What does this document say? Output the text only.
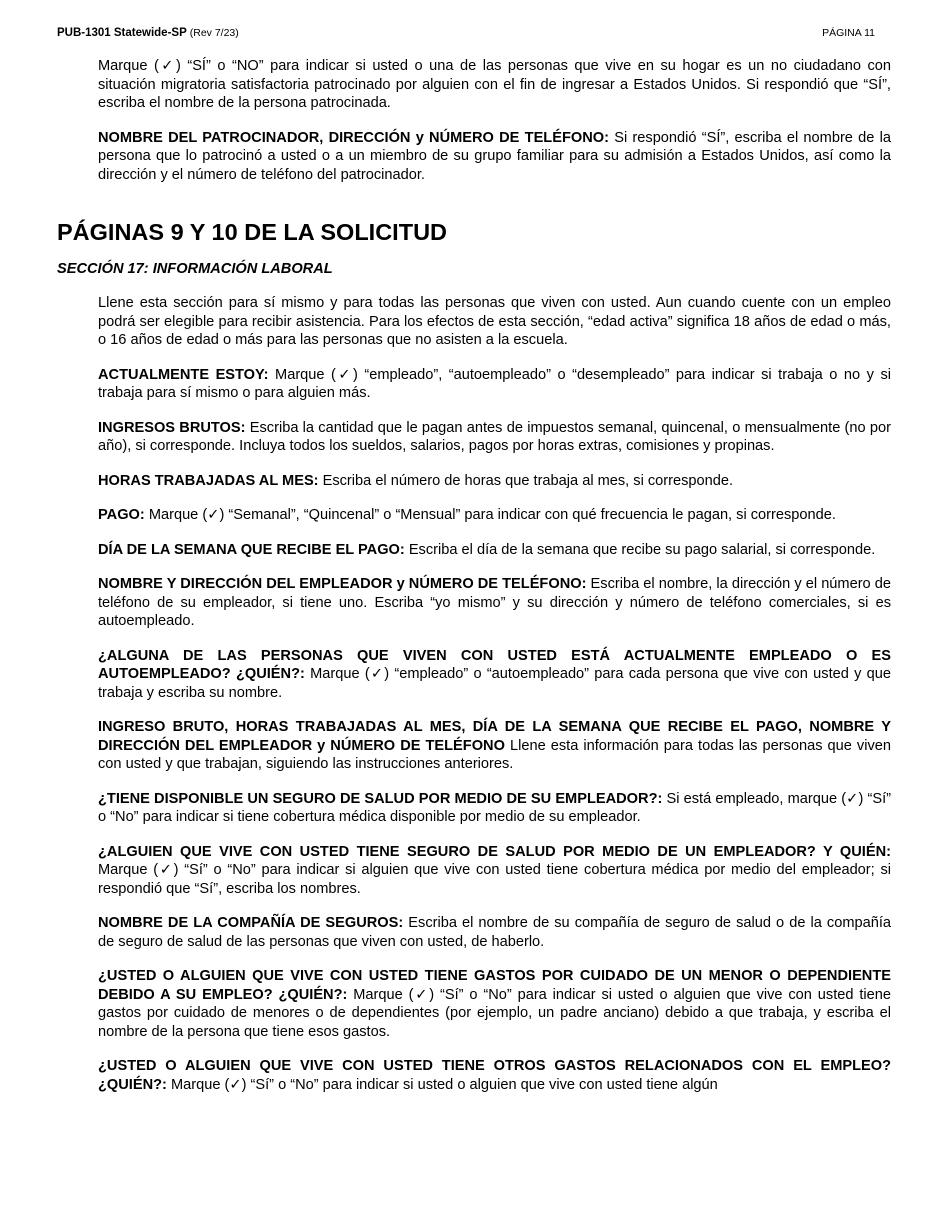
PUB-1301 Statewide-SP (Rev 7/23)	PÁGINA 11

Marque (✓) “SÍ” o “NO” para indicar si usted o una de las personas que vive en su hogar es un no ciudadano con situación migratoria satisfactoria patrocinado por alguien con el fin de ingresar a Estados Unidos. Si respondió que “SÍ”, escriba el nombre de la persona patrocinada.

NOMBRE DEL PATROCINADOR, DIRECCIÓN y NÚMERO DE TELÉFONO: Si respondió “SÍ”, escriba el nombre de la persona que lo patrocinó a usted o a un miembro de su grupo familiar para su admisión a Estados Unidos, así como la dirección y el número de teléfono del patrocinador.

PÁGINAS 9 Y 10 DE LA SOLICITUD
SECCIÓN 17: INFORMACIÓN LABORAL

Llene esta sección para sí mismo y para todas las personas que viven con usted. Aun cuando cuente con un empleo podrá ser elegible para recibir asistencia. Para los efectos de esta sección, “edad activa” significa 18 años de edad o más, o 16 años de edad o más para las personas que no asisten a la escuela.

ACTUALMENTE ESTOY: Marque (✓) “empleado”, “autoempleado” o “desempleado” para indicar si trabaja o no y si trabaja para sí mismo o para alguien más.

INGRESOS BRUTOS: Escriba la cantidad que le pagan antes de impuestos semanal, quincenal, o mensualmente (no por año), si corresponde. Incluya todos los sueldos, salarios, pagos por horas extras, comisiones y propinas.

HORAS TRABAJADAS AL MES: Escriba el número de horas que trabaja al mes, si corresponde.

PAGO: Marque (✓) “Semanal”, “Quincenal” o “Mensual” para indicar con qué frecuencia le pagan, si corresponde.

DÍA DE LA SEMANA QUE RECIBE EL PAGO: Escriba el día de la semana que recibe su pago salarial, si corresponde.

NOMBRE Y DIRECCIÓN DEL EMPLEADOR y NÚMERO DE TELÉFONO: Escriba el nombre, la dirección y el número de teléfono de su empleador, si tiene uno. Escriba “yo mismo” y su dirección y número de teléfono comerciales, si es autoempleado.

¿ALGUNA DE LAS PERSONAS QUE VIVEN CON USTED ESTÁ ACTUALMENTE EMPLEADO O ES AUTOEMPLEADO? ¿QUIÉN?: Marque (✓) “empleado” o “autoempleado” para cada persona que vive con usted y que trabaja y escriba su nombre.

INGRESO BRUTO, HORAS TRABAJADAS AL MES, DÍA DE LA SEMANA QUE RECIBE EL PAGO, NOMBRE Y DIRECCIÓN DEL EMPLEADOR y NÚMERO DE TELÉFONO Llene esta información para todas las personas que viven con usted y que trabajan, siguiendo las instrucciones anteriores.

¿TIENE DISPONIBLE UN SEGURO DE SALUD POR MEDIO DE SU EMPLEADOR?: Si está empleado, marque (✓) “Sí” o “No” para indicar si tiene cobertura médica disponible por medio de su empleador.

¿ALGUIEN QUE VIVE CON USTED TIENE SEGURO DE SALUD POR MEDIO DE UN EMPLEADOR? Y QUIÉN: Marque (✓) “Sí” o “No” para indicar si alguien que vive con usted tiene cobertura médica por medio del empleador; si respondió que “Sí”, escriba los nombres.

NOMBRE DE LA COMPAÑÍA DE SEGUROS: Escriba el nombre de su compañía de seguro de salud o de la compañía de seguro de salud de las personas que viven con usted, de haberlo.

¿USTED O ALGUIEN QUE VIVE CON USTED TIENE GASTOS POR CUIDADO DE UN MENOR O DEPENDIENTE DEBIDO A SU EMPLEO? ¿QUIÉN?: Marque (✓) “Sí” o “No” para indicar si usted o alguien que vive con usted tiene gastos por cuidado de menores o de dependientes (por ejemplo, un padre anciano) debido a que trabaja, y escriba el nombre de la persona que tiene esos gastos.

¿USTED O ALGUIEN QUE VIVE CON USTED TIENE OTROS GASTOS RELACIONADOS CON EL EMPLEO? ¿QUIÉN?: Marque (✓) “Sí” o “No” para indicar si usted o alguien que vive con usted tiene algún
